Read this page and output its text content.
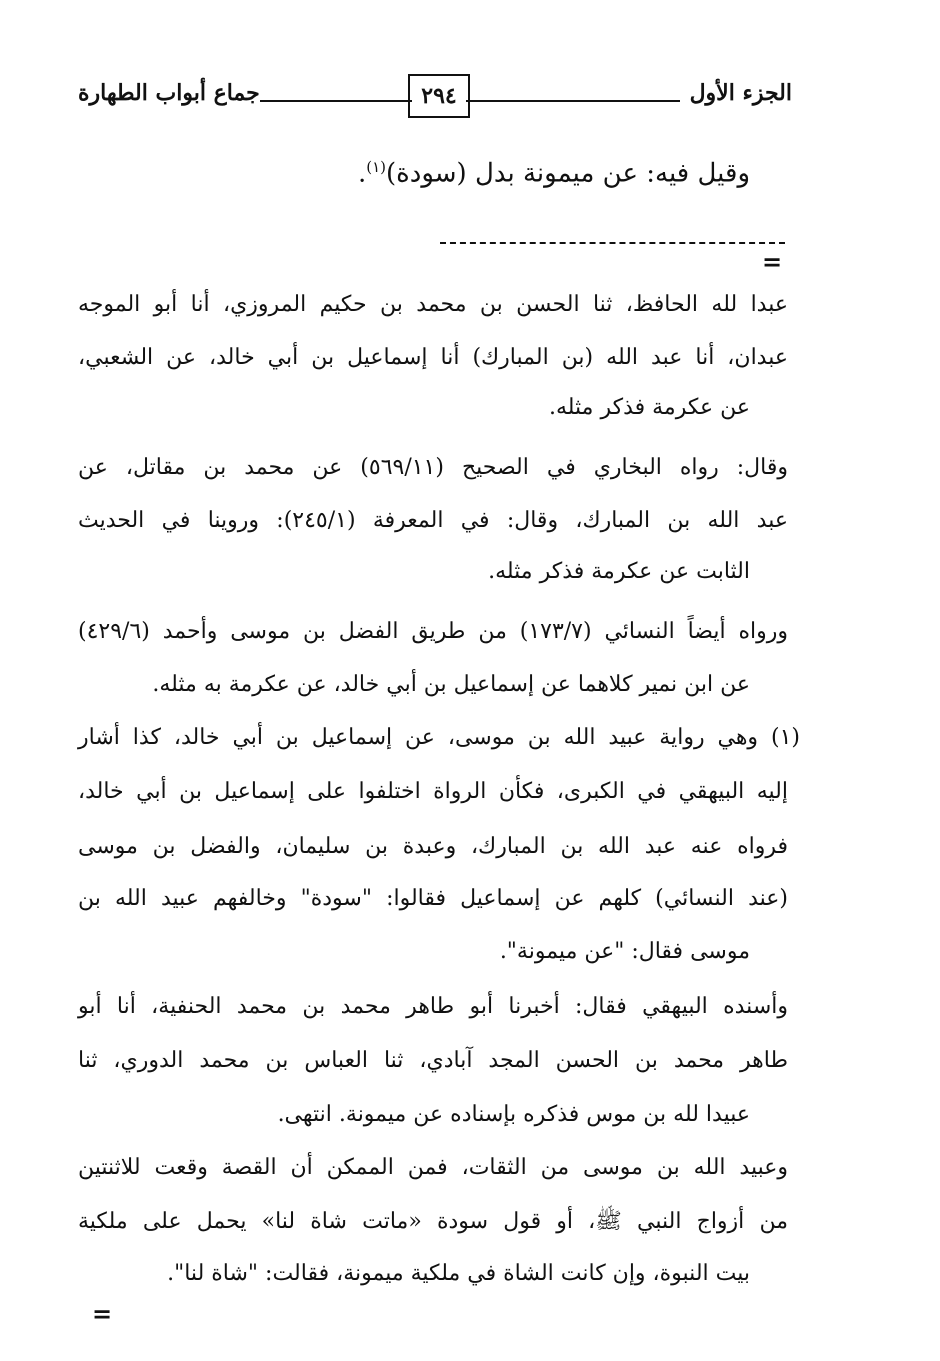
الجزء الأول
٢٩٤
جماع أبواب الطهارة
وقيل فيه: عن ميمونة بدل (سودة)$^{(١)}$.
=
عبدا لله الحافظ، ثنا الحسن بن محمد بن حكيم المروزي، أنا أبو الموجه
عبدان، أنا عبد الله (بن المبارك) أنا إسماعيل بن أبي خالد، عن الشعبي،
عن عكرمة فذكر مثله.
وقال: رواه البخاري في الصحيح (٥٦٩/١١) عن محمد بن مقاتل، عن
عبد الله بن المبارك، وقال: في المعرفة (٢٤٥/١): وروينا في الحديث
الثابت عن عكرمة فذكر مثله.
ورواه أيضاً النسائي (١٧٣/٧) من طريق الفضل بن موسى وأحمد (٤٢٩/٦)
عن ابن نمير كلاهما عن إسماعيل بن أبي خالد، عن عكرمة به مثله.
(١) وهي رواية عبيد الله بن موسى، عن إسماعيل بن أبي خالد، كذا أشار
إليه البيهقي في الكبرى، فكأن الرواة اختلفوا على إسماعيل بن أبي خالد،
فرواه عنه عبد الله بن المبارك، وعبدة بن سليمان، والفضل بن موسى
(عند النسائي) كلهم عن إسماعيل فقالوا: "سودة" وخالفهم عبيد الله بن
موسى فقال: "عن ميمونة".
وأسنده البيهقي فقال: أخبرنا أبو طاهر محمد بن محمد الحنفية، أنا أبو
طاهر محمد بن الحسن المجد آبادي، ثنا العباس بن محمد الدوري، ثنا
عبيدا لله بن موس فذكره بإسناده عن ميمونة. انتهى.
وعبيد الله بن موسى من الثقات، فمن الممكن أن القصة وقعت للاثنتين
من أزواج النبي ﷺ، أو قول سودة «ماتت شاة لنا» يحمل على ملكية
بيت النبوة، وإن كانت الشاة في ملكية ميمونة، فقالت: "شاة لنا".
=
